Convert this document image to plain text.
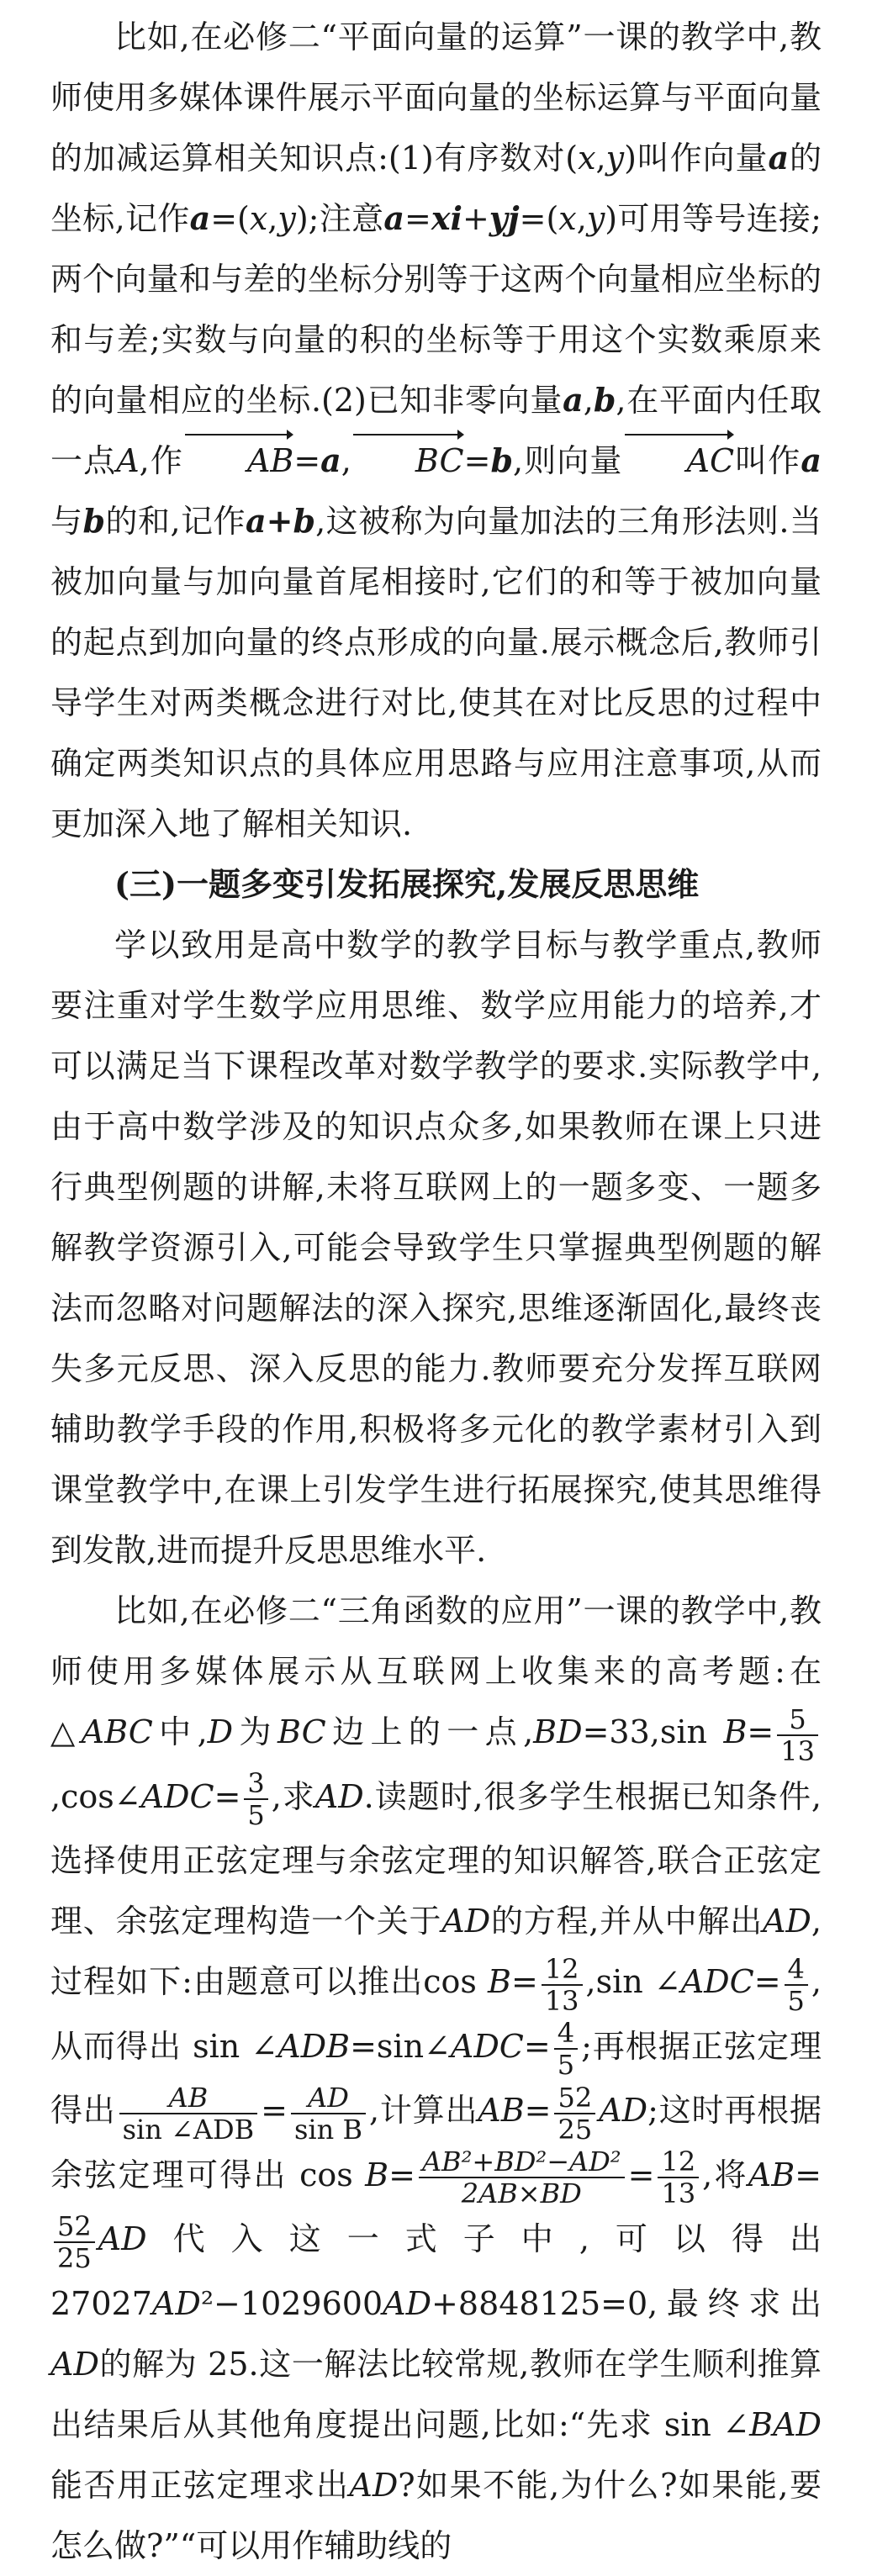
比如,在必修二“平面向量的运算”一课的教学中,教师使用多媒体课件展示平面向量的坐标运算与平面向量的加减运算相关知识点:(1)有序数对(x,y)叫作向量a的坐标,记作a=(x,y);注意a=xi+yj=(x,y)可用等号连接;两个向量和与差的坐标分别等于这两个向量相应坐标的和与差;实数与向量的积的坐标等于用这个实数乘原来的向量相应的坐标.(2)已知非零向量a,b,在平面内任取一点A,作 AB=a, BC=b,则向量 AC叫作a与b的和,记作a+b,这被称为向量加法的三角形法则.当被加向量与加向量首尾相接时,它们的和等于被加向量的起点到加向量的终点形成的向量.展示概念后,教师引导学生对两类概念进行对比,使其在对比反思的过程中确定两类知识点的具体应用思路与应用注意事项,从而更加深入地了解相关知识.

(三)一题多变引发拓展探究,发展反思思维

学以致用是高中数学的教学目标与教学重点,教师要注重对学生数学应用思维、数学应用能力的培养,才可以满足当下课程改革对数学教学的要求.实际教学中,由于高中数学涉及的知识点众多,如果教师在课上只进行典型例题的讲解,未将互联网上的一题多变、一题多解教学资源引入,可能会导致学生只掌握典型例题的解法而忽略对问题解法的深入探究,思维逐渐固化,最终丧失多元反思、深入反思的能力.教师要充分发挥互联网辅助教学手段的作用,积极将多元化的教学素材引入到课堂教学中,在课上引发学生进行拓展探究,使其思维得到发散,进而提升反思思维水平.

比如,在必修二“三角函数的应用”一课的教学中,教师使用多媒体展示从互联网上收集来的高考题:在△ABC中,D为BC边上的一点,BD=33,sin $B= \frac{5}{13}$
,cos∠ADC= $\frac{3}{5}$ ,求AD.读题时,很多学生根据已知条件,选择使用正弦定理与余弦定理的知识解答,联合正弦定理、余弦定理构造一个关于AD的方程,并从中解出AD,过程如下:由题意可以推出$\cos B= \frac{12}{13} ,\sin$ ∠ADC= $\frac{4}{5}$ ,从而得出 sin ∠ADB=sin∠ADC= $\frac{4}{5}$ ;再根据正弦定理得出 $\frac{AB}{\text{sin ∠ADB}} = \frac{AD}{\text{sin B}}$ ,计算出$AB= \frac{52}{25}$ AD;这时再根据余弦定理可得出 $\cos B= \frac{\text{AB²+BD²−AD²}}{2AB\times BD} = \frac{12}{13}$ ,将AB=
$\frac{52}{25}$ AD代入这一式子中,可以得出 27027AD²−1029600AD+8848125=0,最终求出AD的解为 25.这一解法比较常规,教师在学生顺利推算出结果后从其他角度提出问题,比如:“先求 sin ∠BAD能否用正弦定理求出AD?如果不能,为什么?如果能,要怎么做?”“可以用作辅助线的
